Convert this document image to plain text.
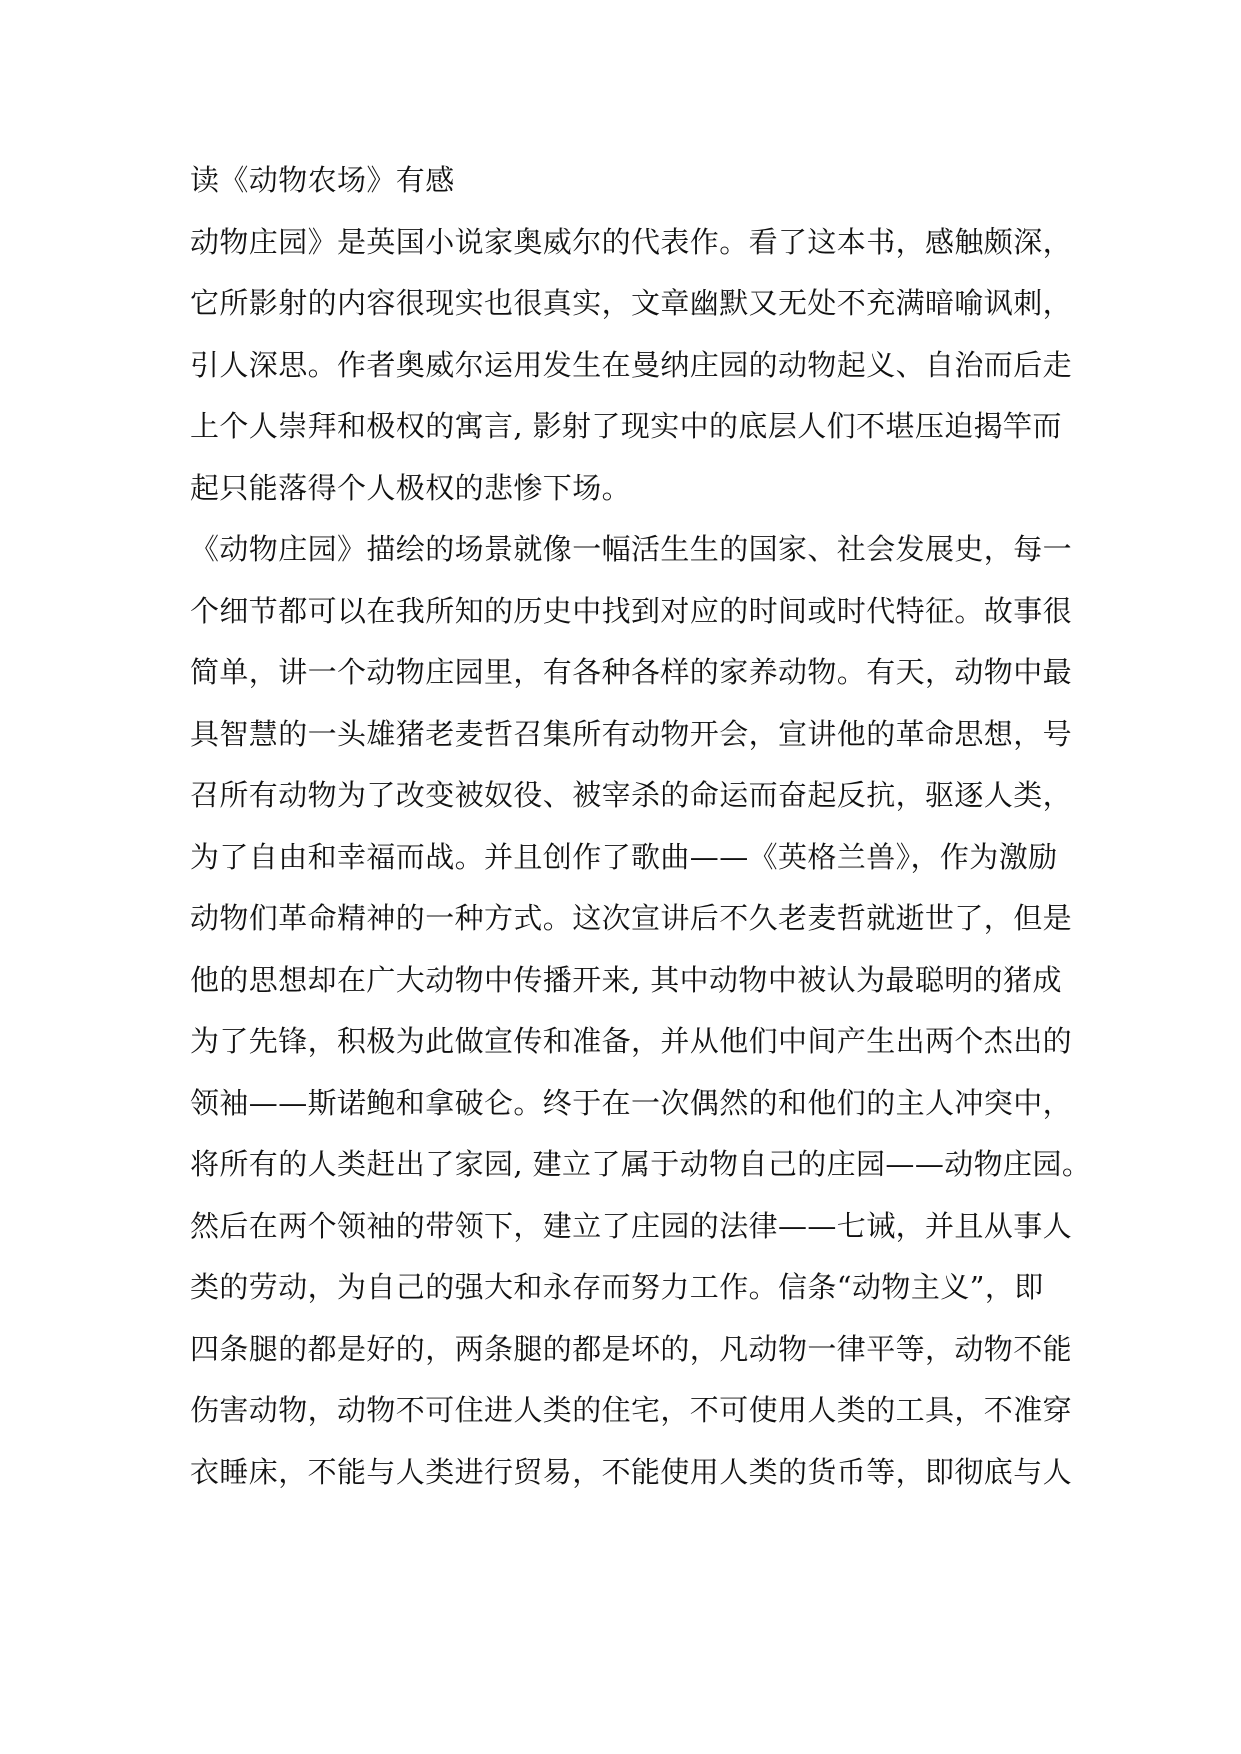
读《动物农场》有感
动物庄园》是英国小说家奥威尔的代表作。看了这本书，感触颇深，
它所影射的内容很现实也很真实，文章幽默又无处不充满暗喻讽刺，
引人深思。作者奥威尔运用发生在曼纳庄园的动物起义、自治而后走
上个人崇拜和极权的寓言, 影射了现实中的底层人们不堪压迫揭竿而
起只能落得个人极权的悲惨下场。
《动物庄园》描绘的场景就像一幅活生生的国家、社会发展史，每一
个细节都可以在我所知的历史中找到对应的时间或时代特征。故事很
简单，讲一个动物庄园里，有各种各样的家养动物。有天，动物中最
具智慧的一头雄猪老麦哲召集所有动物开会，宣讲他的革命思想，号
召所有动物为了改变被奴役、被宰杀的命运而奋起反抗，驱逐人类，
为了自由和幸福而战。并且创作了歌曲——《英格兰兽》，作为激励
动物们革命精神的一种方式。这次宣讲后不久老麦哲就逝世了，但是
他的思想却在广大动物中传播开来, 其中动物中被认为最聪明的猪成
为了先锋，积极为此做宣传和准备，并从他们中间产生出两个杰出的
领袖——斯诺鲍和拿破仑。终于在一次偶然的和他们的主人冲突中，
将所有的人类赶出了家园, 建立了属于动物自己的庄园——动物庄园。
然后在两个领袖的带领下，建立了庄园的法律——七诫，并且从事人
类的劳动，为自己的强大和永存而努力工作。信条“动物主义”，即
四条腿的都是好的，两条腿的都是坏的，凡动物一律平等，动物不能
伤害动物，动物不可住进人类的住宅，不可使用人类的工具，不准穿
衣睡床，不能与人类进行贸易，不能使用人类的货币等，即彻底与人
